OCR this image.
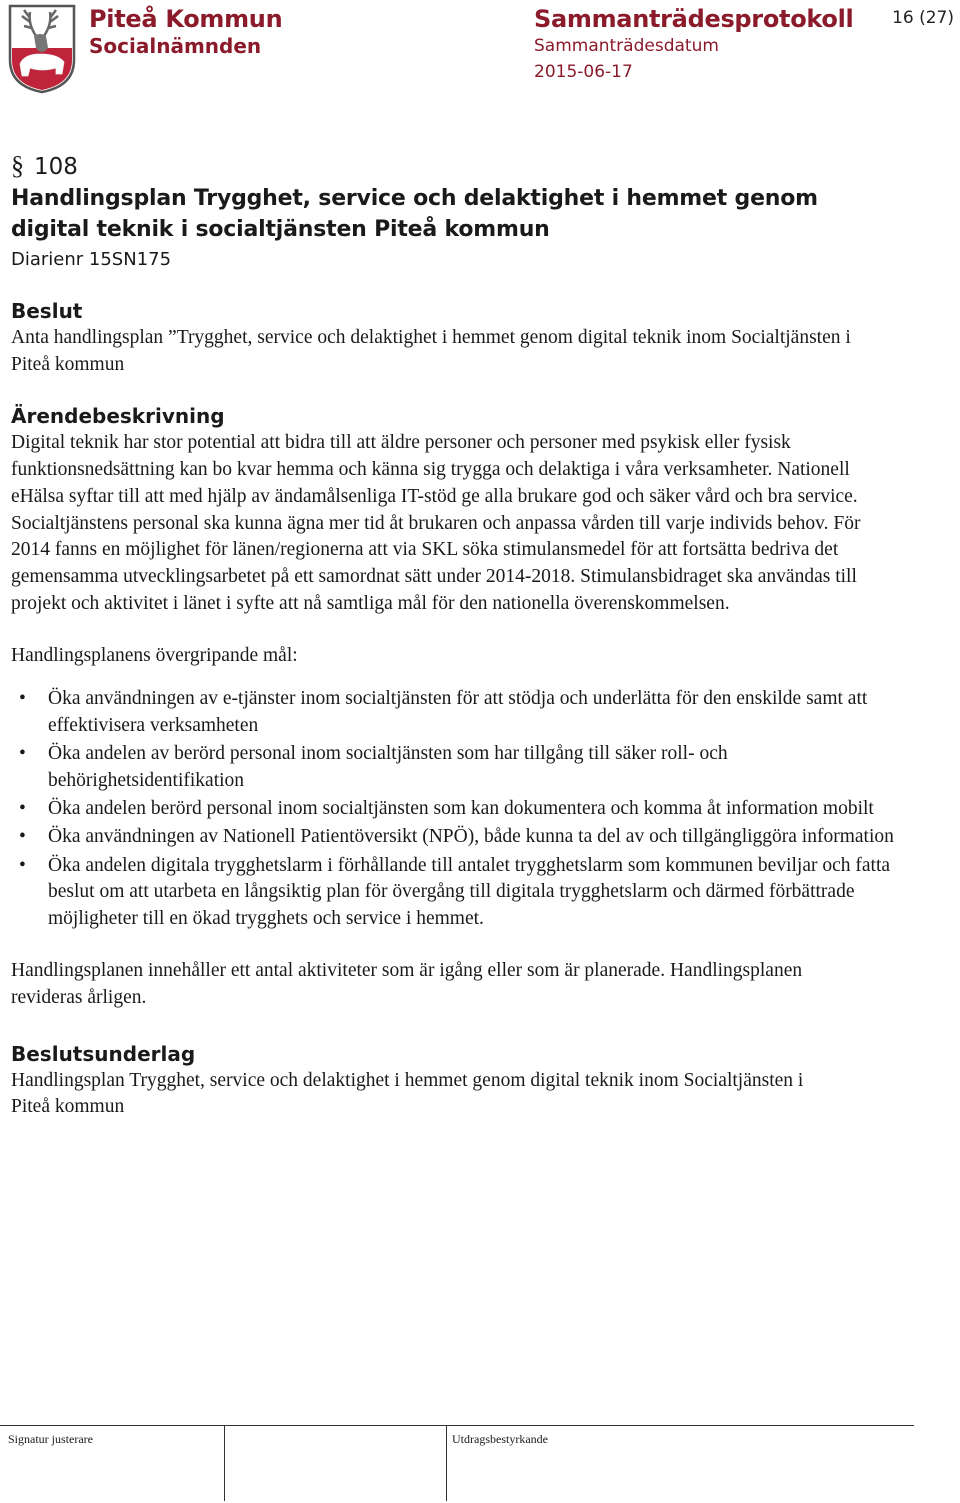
Piteå Kommun
Socialnämnden
Sammanträdesprotokoll
Sammanträdesdatum
2015-06-17
16 (27)
§ 108
Handlingsplan Trygghet, service och delaktighet i hemmet genom
digital teknik i socialtjänsten Piteå kommun
Diarienr 15SN175
Beslut

Anta handlingsplan ”Trygghet, service och delaktighet i hemmet genom digital teknik inom Socialtjänsten i Piteå kommun

Ärendebeskrivning

Digital teknik har stor potential att bidra till att äldre personer och personer med psykisk eller fysisk funktionsnedsättning kan bo kvar hemma och känna sig trygga och delaktiga i våra verksamheter. Nationell eHälsa syftar till att med hjälp av ändamålsenliga IT-stöd ge alla brukare god och säker vård och bra service. Socialtjänstens personal ska kunna ägna mer tid åt brukaren och anpassa vården till varje individs behov. För 2014 fanns en möjlighet för länen/regionerna att via SKL söka stimulansmedel för att fortsätta bedriva det gemensamma utvecklingsarbetet på ett samordnat sätt under 2014-2018. Stimulansbidraget ska användas till projekt och aktivitet i länet i syfte att nå samtliga mål för den nationella överenskommelsen.

Handlingsplanens övergripande mål:

• Öka användningen av e-tjänster inom socialtjänsten för att stödja och underlätta för den enskilde samt att effektivisera verksamheten
• Öka andelen av berörd personal inom socialtjänsten som har tillgång till säker roll- och behörighetsidentifikation
• Öka andelen berörd personal inom socialtjänsten som kan dokumentera och komma åt information mobilt
• Öka användningen av Nationell Patientöversikt (NPÖ), både kunna ta del av och tillgängliggöra information
• Öka andelen digitala trygghetslarm i förhållande till antalet trygghetslarm som kommunen beviljar och fatta beslut om att utarbeta en långsiktig plan för övergång till digitala trygghetslarm och därmed förbättrade möjligheter till en ökad trygghets och service i hemmet.

Handlingsplanen innehåller ett antal aktiviteter som är igång eller som är planerade. Handlingsplanen revideras årligen.

Beslutsunderlag

Handlingsplan Trygghet, service och delaktighet i hemmet genom digital teknik inom Socialtjänsten i Piteå kommun

Signatur justerare	Utdragsbestyrkande
